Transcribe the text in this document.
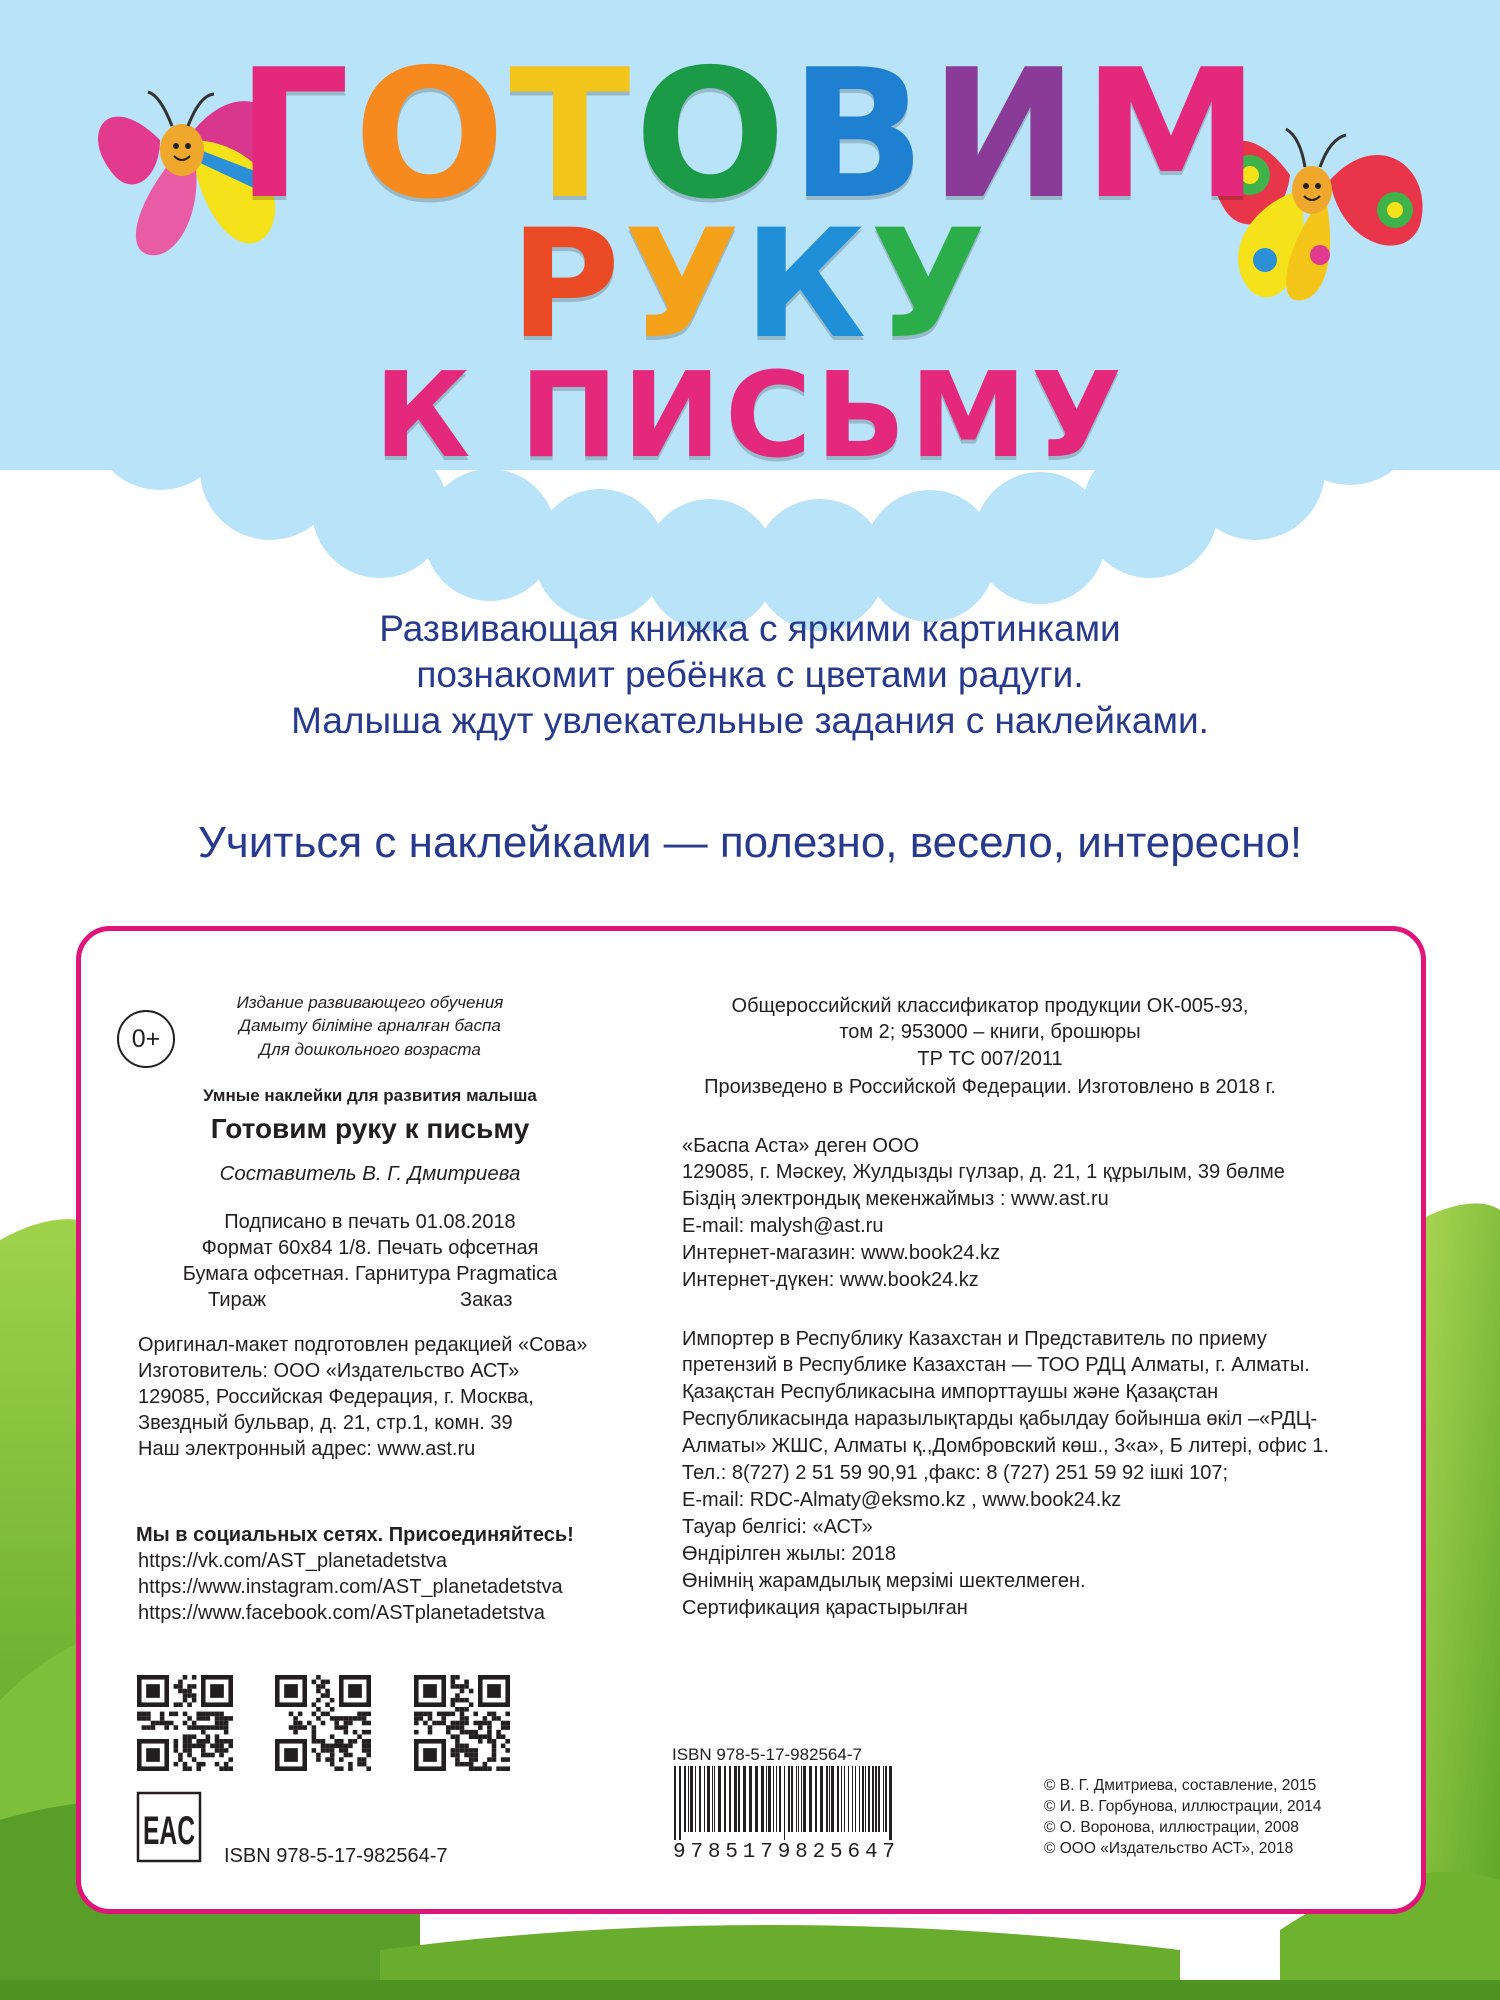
ГОТОВИМ
РУКУ
К ПИСЬМУ
Развивающая книжка с яркими картинками
познакомит ребёнка с цветами радуги.
Малыша ждут увлекательные задания с наклейками.
Учиться с наклейками — полезно, весело, интересно!
0+
Издание развивающего обучения
Дамыту біліміне арналған баспа
Для дошкольного возраста
Умные наклейки для развития малыша
Готовим руку к письму
Составитель В. Г. Дмитриева
Подписано в печать 01.08.2018
Формат 60x84 1/8. Печать офсетная
Бумага офсетная. Гарнитура Pragmatica
Тираж	Заказ
Оригинал-макет подготовлен редакцией «Сова»
Изготовитель: ООО «Издательство АСТ»
129085, Российская Федерация, г. Москва,
Звездный бульвар, д. 21, стр.1, комн. 39
Наш электронный адрес: www.ast.ru
Мы в социальных сетях. Присоединяйтесь!
https://vk.com/AST_planetadetstva
https://www.instagram.com/AST_planetadetstva
https://www.facebook.com/ASTplanetadetstva
EAC
ISBN 978-5-17-982564-7
Общероссийский классификатор продукции ОК-005-93,
том 2; 953000 – книги, брошюры
ТР ТС 007/2011
Произведено в Российской Федерации. Изготовлено в 2018 г.
«Баспа Аста» деген ООО
129085, г. Мәскеу, Жулдызды гүлзар, д. 21, 1 құрылым, 39 бөлме
Біздің электрондық мекенжаймыз : www.ast.ru
E-mail: malysh@ast.ru
Интернет-магазин: www.book24.kz
Интернет-дүкен: www.book24.kz
Импортер в Республику Казахстан и Представитель по приему
претензий в Республике Казахстан — ТОО РДЦ Алматы, г. Алматы.
Қазақстан Республикасына импорттаушы және Қазақстан
Республикасында наразылықтарды қабылдау бойынша өкіл –«РДЦ-
Алматы» ЖШС, Алматы қ.,Домбровский көш., 3«а», Б литері, офис 1.
Тел.: 8(727) 2 51 59 90,91 ,факс: 8 (727) 251 59 92 ішкі 107;
E-mail: RDC-Almaty@eksmo.kz , www.book24.kz
Тауар белгісі: «АСТ»
Өндірілген жылы: 2018
Өнімнің жарамдылық мерзімі шектелмеген.
Сертификация қарастырылған
ISBN 978-5-17-982564-7
9785179825647
© В. Г. Дмитриева, составление, 2015
© И. В. Горбунова, иллюстрации, 2014
© О. Воронова, иллюстрации, 2008
© ООО «Издательство АСТ», 2018
